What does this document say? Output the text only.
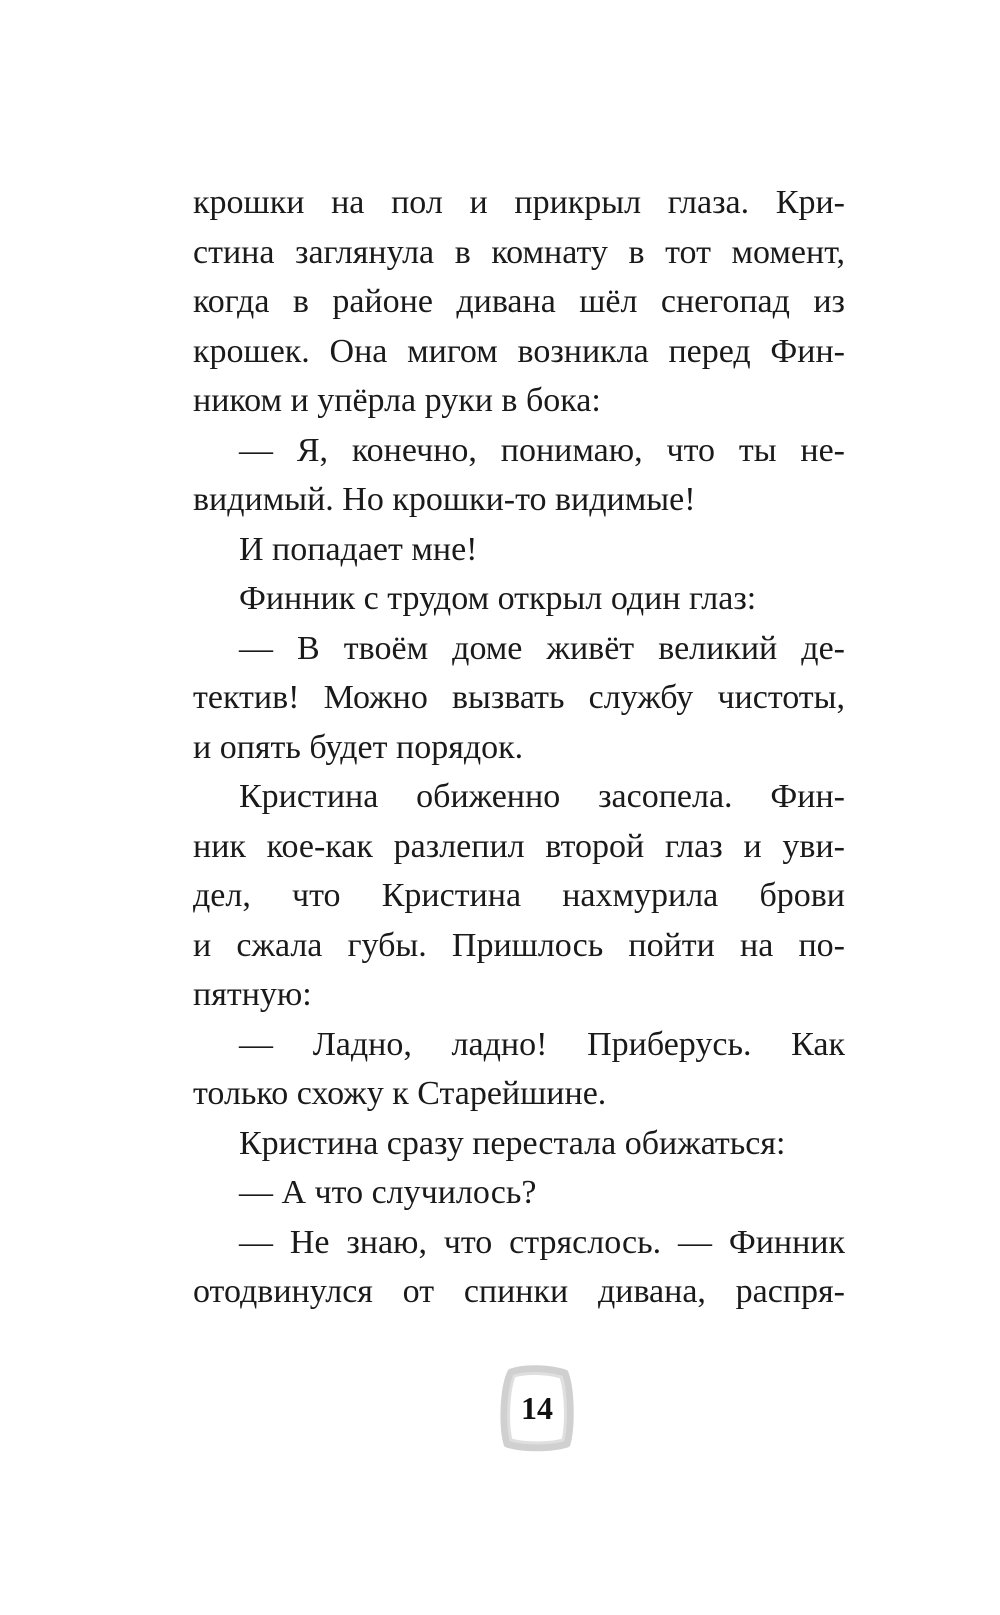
крошки на пол и прикрыл глаза. Кри-
стина заглянула в комнату в тот момент,
когда в районе дивана шёл снегопад из
крошек. Она мигом возникла перед Фин-
ником и упёрла руки в бока:
— Я, конечно, понимаю, что ты не-
видимый. Но крошки-то видимые!
И попадает мне!
Финник с трудом открыл один глаз:
— В твоём доме живёт великий де-
тектив! Можно вызвать службу чистоты,
и опять будет порядок.
Кристина обиженно засопела. Фин-
ник кое-как разлепил второй глаз и уви-
дел, что Кристина нахмурила брови
и сжала губы. Пришлось пойти на по-
пятную:
— Ладно, ладно! Приберусь. Как
только схожу к Старейшине.
Кристина сразу перестала обижаться:
— А что случилось?
— Не знаю, что стряслось. — Финник
отодвинулся от спинки дивана, распря-
14
